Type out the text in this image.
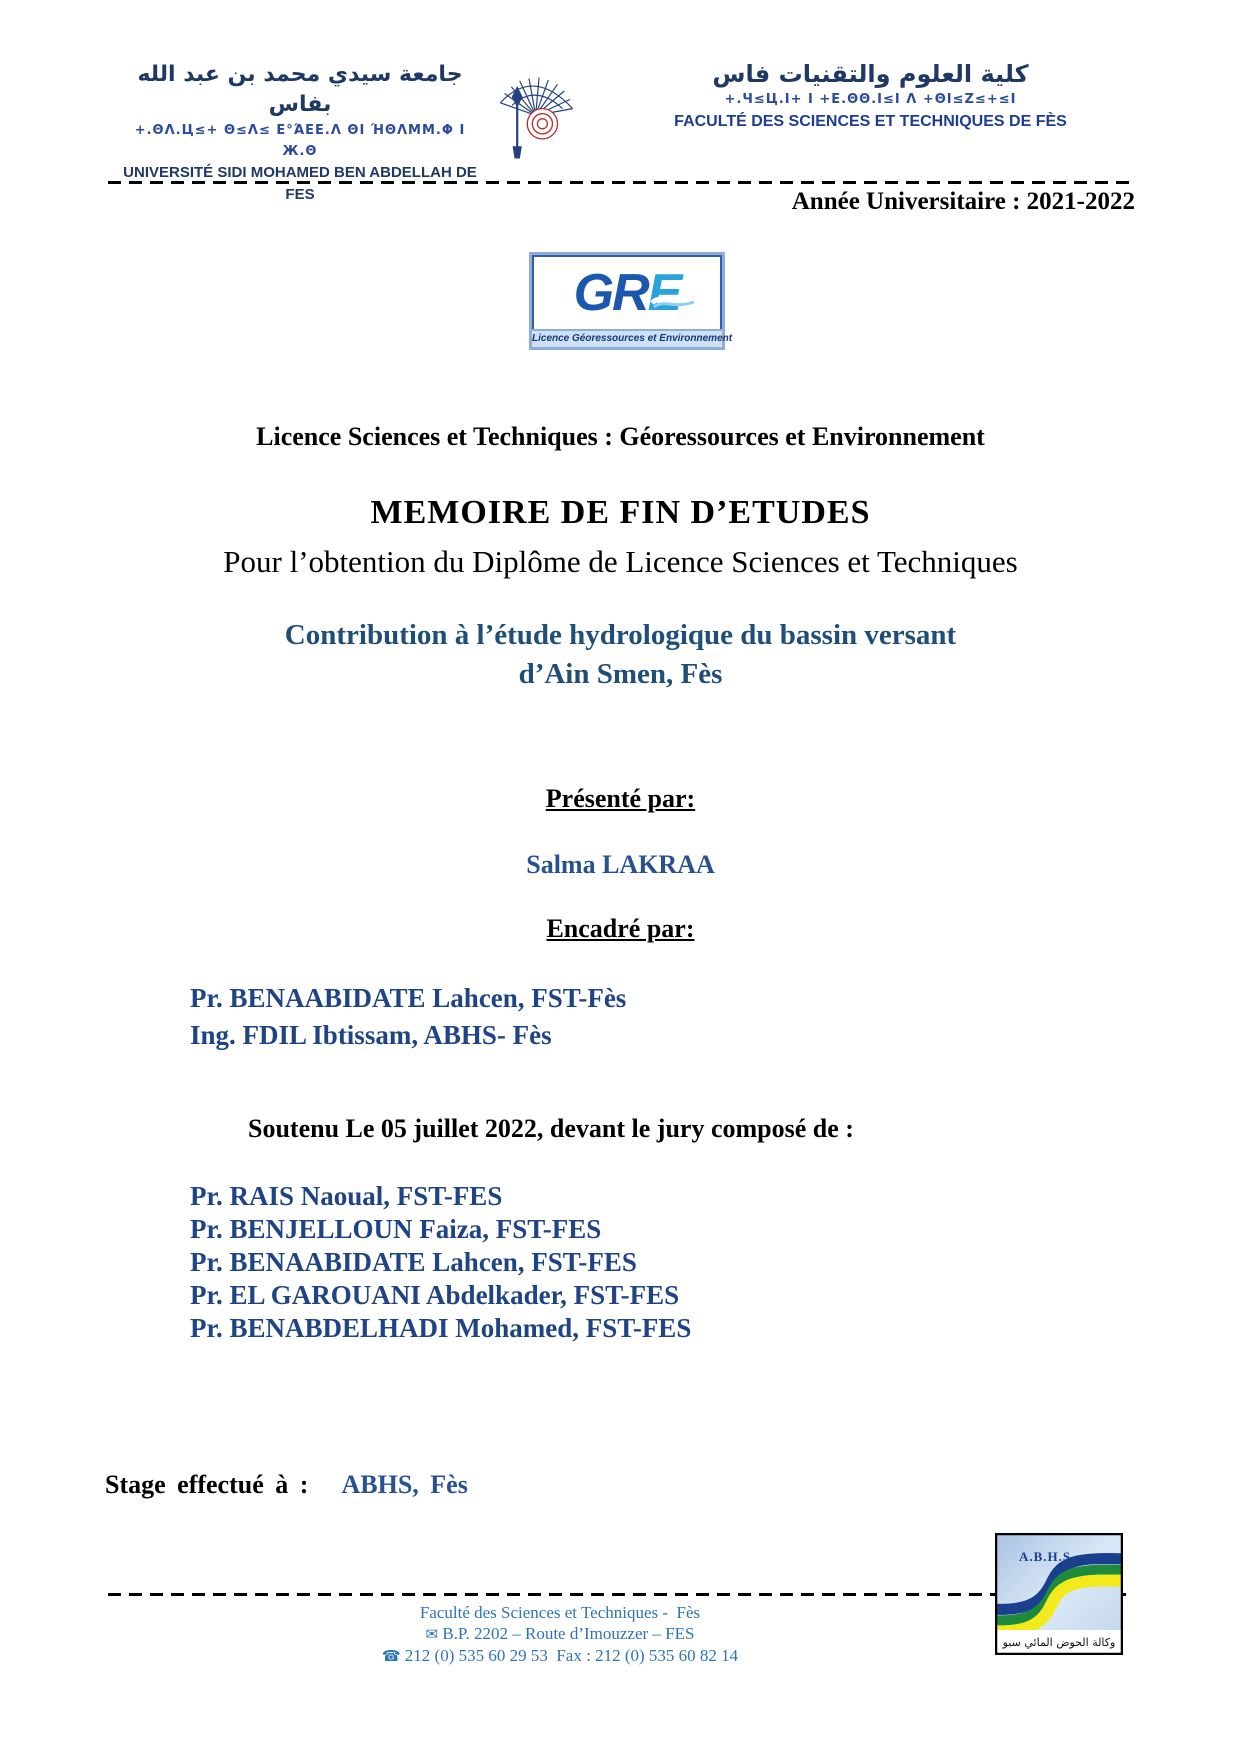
جامعة سيدي محمد بن عبد الله بفاس
+.ΘΛ.Ц≤+ Θ≤Λ≤ Ε°ΆΕΕ.Λ ΘΙ ΉΘΛΜΜ.Φ Ι Ж.Θ
UNIVERSITÉ SIDI MOHAMED BEN ABDELLAH DE FES
كلية العلوم والتقنيات فاس
+.Ч≤Ц.Ι+ Ι +Ε.ΘΘ.Ι≤Ι Λ +ΘΙ≤Ζ≤+≤Ι
FACULTÉ DES SCIENCES ET TECHNIQUES DE FÈS
Année Universitaire : 2021-2022
GR E
Licence Géoressources et Environnement
Licence Sciences et Techniques : Géoressources et Environnement
MEMOIRE DE FIN D’ETUDES
Pour l’obtention du Diplôme de Licence Sciences et Techniques
Contribution à l’étude hydrologique du bassin versant
d’Ain Smen, Fès
Présenté par:
Salma LAKRAA
Encadré par:
Pr. BENAABIDATE Lahcen, FST-Fès
Ing. FDIL Ibtissam, ABHS- Fès
Soutenu Le 05 juillet 2022, devant le jury composé de :
Pr. RAIS Naoual, FST-FES
Pr. BENJELLOUN Faiza, FST-FES
Pr. BENAABIDATE Lahcen, FST-FES
Pr. EL GAROUANI Abdelkader, FST-FES
Pr. BENABDELHADI Mohamed, FST-FES
Stage effectué à : ABHS, Fès
A.B.H.S
وكالة الحوض المائي سبو
Faculté des Sciences et Techniques -  Fès
✉ B.P. 2202 – Route d’Imouzzer – FES
☎ 212 (0) 535 60 29 53  Fax : 212 (0) 535 60 82 14
